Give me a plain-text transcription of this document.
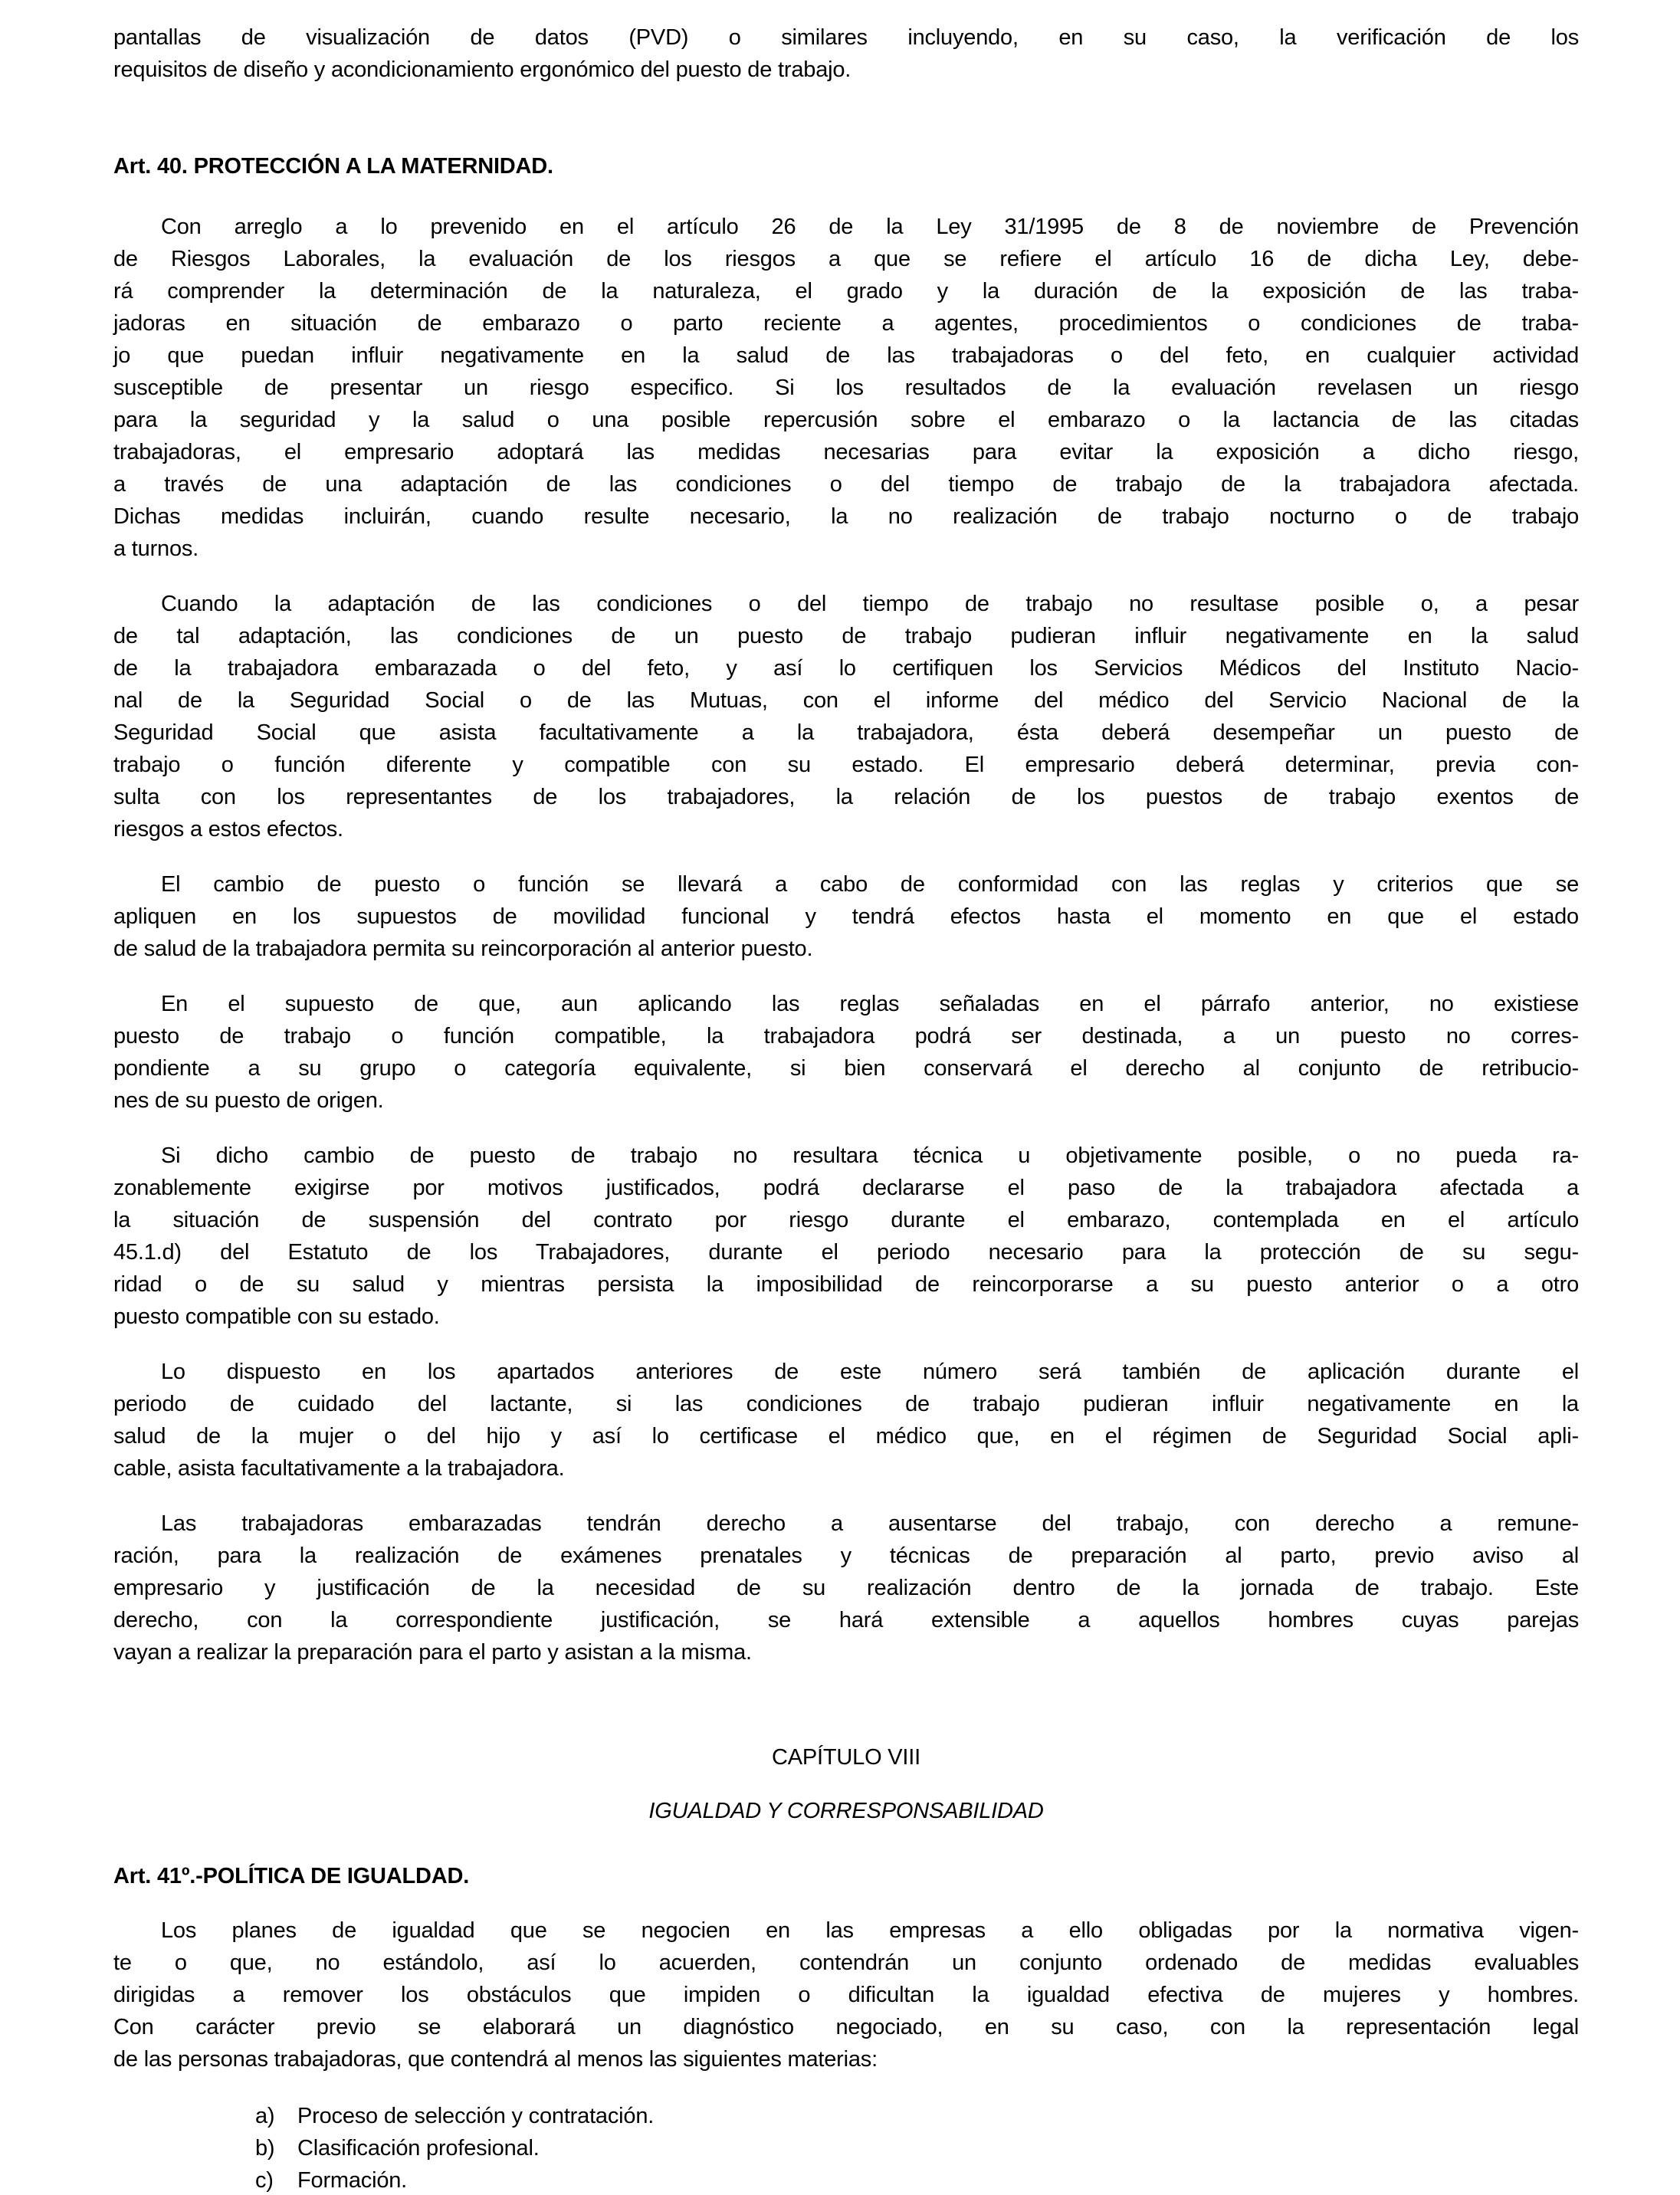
pantallas de visualización de datos (PVD) o similares incluyendo, en su caso, la verificación de los
requisitos de diseño y acondicionamiento ergonómico del puesto de trabajo.
Art. 40. PROTECCIÓN A LA MATERNIDAD.
Con arreglo a lo prevenido en el artículo 26 de la Ley 31/1995 de 8 de noviembre de Prevención
de Riesgos Laborales, la evaluación de los riesgos a que se refiere el artículo 16 de dicha Ley, debe-
rá comprender la determinación de la naturaleza, el grado y la duración de la exposición de las traba-
jadoras en situación de embarazo o parto reciente a agentes, procedimientos o condiciones de traba-
jo que puedan influir negativamente en la salud de las trabajadoras o del feto, en cualquier actividad
susceptible de presentar un riesgo especifico. Si los resultados de la evaluación revelasen un riesgo
para la seguridad y la salud o una posible repercusión sobre el embarazo o la lactancia de las citadas
trabajadoras, el empresario adoptará las medidas necesarias para evitar la exposición a dicho riesgo,
a través de una adaptación de las condiciones o del tiempo de trabajo de la trabajadora afectada.
Dichas medidas incluirán, cuando resulte necesario, la no realización de trabajo nocturno o de trabajo
a turnos.
Cuando la adaptación de las condiciones o del tiempo de trabajo no resultase posible o, a pesar
de tal adaptación, las condiciones de un puesto de trabajo pudieran influir negativamente en la salud
de la trabajadora embarazada o del feto, y así lo certifiquen los Servicios Médicos del Instituto Nacio-
nal de la Seguridad Social o de las Mutuas, con el informe del médico del Servicio Nacional de la
Seguridad Social que asista facultativamente a la trabajadora, ésta deberá desempeñar un puesto de
trabajo o función diferente y compatible con su estado. El empresario deberá determinar, previa con-
sulta con los representantes de los trabajadores, la relación de los puestos de trabajo exentos de
riesgos a estos efectos.
El cambio de puesto o función se llevará a cabo de conformidad con las reglas y criterios que se
apliquen en los supuestos de movilidad funcional y tendrá efectos hasta el momento en que el estado
de salud de la trabajadora permita su reincorporación al anterior puesto.
En el supuesto de que, aun aplicando las reglas señaladas en el párrafo anterior, no existiese
puesto de trabajo o función compatible, la trabajadora podrá ser destinada, a un puesto no corres-
pondiente a su grupo o categoría equivalente, si bien conservará el derecho al conjunto de retribucio-
nes de su puesto de origen.
Si dicho cambio de puesto de trabajo no resultara técnica u objetivamente posible, o no pueda ra-
zonablemente exigirse por motivos justificados, podrá declararse el paso de la trabajadora afectada a
la situación de suspensión del contrato por riesgo durante el embarazo, contemplada en el artículo
45.1.d) del Estatuto de los Trabajadores, durante el periodo necesario para la protección de su segu-
ridad o de su salud y mientras persista la imposibilidad de reincorporarse a su puesto anterior o a otro
puesto compatible con su estado.
Lo dispuesto en los apartados anteriores de este número será también de aplicación durante el
periodo de cuidado del lactante, si las condiciones de trabajo pudieran influir negativamente en la
salud de la mujer o del hijo y así lo certificase el médico que, en el régimen de Seguridad Social apli-
cable, asista facultativamente a la trabajadora.
Las trabajadoras embarazadas tendrán derecho a ausentarse del trabajo, con derecho a remune-
ración, para la realización de exámenes prenatales y técnicas de preparación al parto, previo aviso al
empresario y justificación de la necesidad de su realización dentro de la jornada de trabajo. Este
derecho, con la correspondiente justificación, se hará extensible a aquellos hombres cuyas parejas
vayan a realizar la preparación para el parto y asistan a la misma.
CAPÍTULO VIII
IGUALDAD Y CORRESPONSABILIDAD
Art. 41º.-POLÍTICA DE IGUALDAD.
Los planes de igualdad que se negocien en las empresas a ello obligadas por la normativa vigen-
te o que, no estándolo, así lo acuerden, contendrán un conjunto ordenado de medidas evaluables
dirigidas a remover los obstáculos que impiden o dificultan la igualdad efectiva de mujeres y hombres.
Con carácter previo se elaborará un diagnóstico negociado, en su caso, con la representación legal
de las personas trabajadoras, que contendrá al menos las siguientes materias:
a) Proceso de selección y contratación.
b) Clasificación profesional.
c) Formación.
